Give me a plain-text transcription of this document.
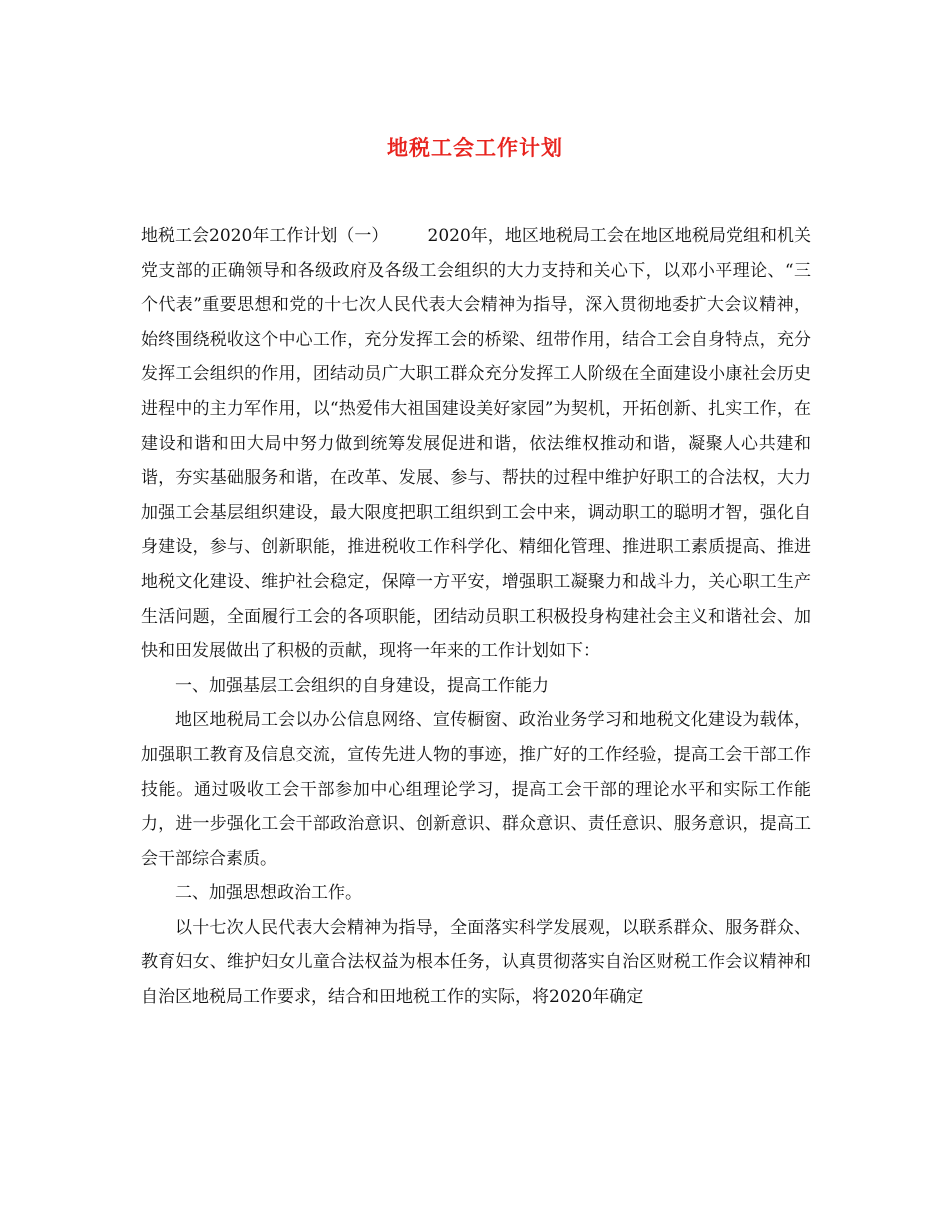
地税工会工作计划

地税工会2020年工作计划（一） 2020年，地区地税局工会在地区地税局党组和机关党支部的正确领导和各级政府及各级工会组织的大力支持和关心下，以邓小平理论、“三个代表”重要思想和党的十七次人民代表大会精神为指导，深入贯彻地委扩大会议精神，始终围绕税收这个中心工作，充分发挥工会的桥梁、纽带作用，结合工会自身特点，充分发挥工会组织的作用，团结动员广大职工群众充分发挥工人阶级在全面建设小康社会历史进程中的主力军作用，以“热爱伟大祖国建设美好家园”为契机，开拓创新、扎实工作，在建设和谐和田大局中努力做到统筹发展促进和谐，依法维权推动和谐，凝聚人心共建和谐，夯实基础服务和谐，在改革、发展、参与、帮扶的过程中维护好职工的合法权，大力加强工会基层组织建设，最大限度把职工组织到工会中来，调动职工的聪明才智，强化自身建设，参与、创新职能，推进税收工作科学化、精细化管理、推进职工素质提高、推进地税文化建设、维护社会稳定，保障一方平安，增强职工凝聚力和战斗力，关心职工生产生活问题，全面履行工会的各项职能，团结动员职工积极投身构建社会主义和谐社会、加快和田发展做出了积极的贡献，现将一年来的工作计划如下：

一、加强基层工会组织的自身建设，提高工作能力

地区地税局工会以办公信息网络、宣传橱窗、政治业务学习和地税文化建设为载体，加强职工教育及信息交流，宣传先进人物的事迹，推广好的工作经验，提高工会干部工作技能。通过吸收工会干部参加中心组理论学习，提高工会干部的理论水平和实际工作能力，进一步强化工会干部政治意识、创新意识、群众意识、责任意识、服务意识，提高工会干部综合素质。

二、加强思想政治工作。

以十七次人民代表大会精神为指导，全面落实科学发展观，以联系群众、服务群众、教育妇女、维护妇女儿童合法权益为根本任务，认真贯彻落实自治区财税工作会议精神和自治区地税局工作要求，结合和田地税工作的实际，将2020年确定
